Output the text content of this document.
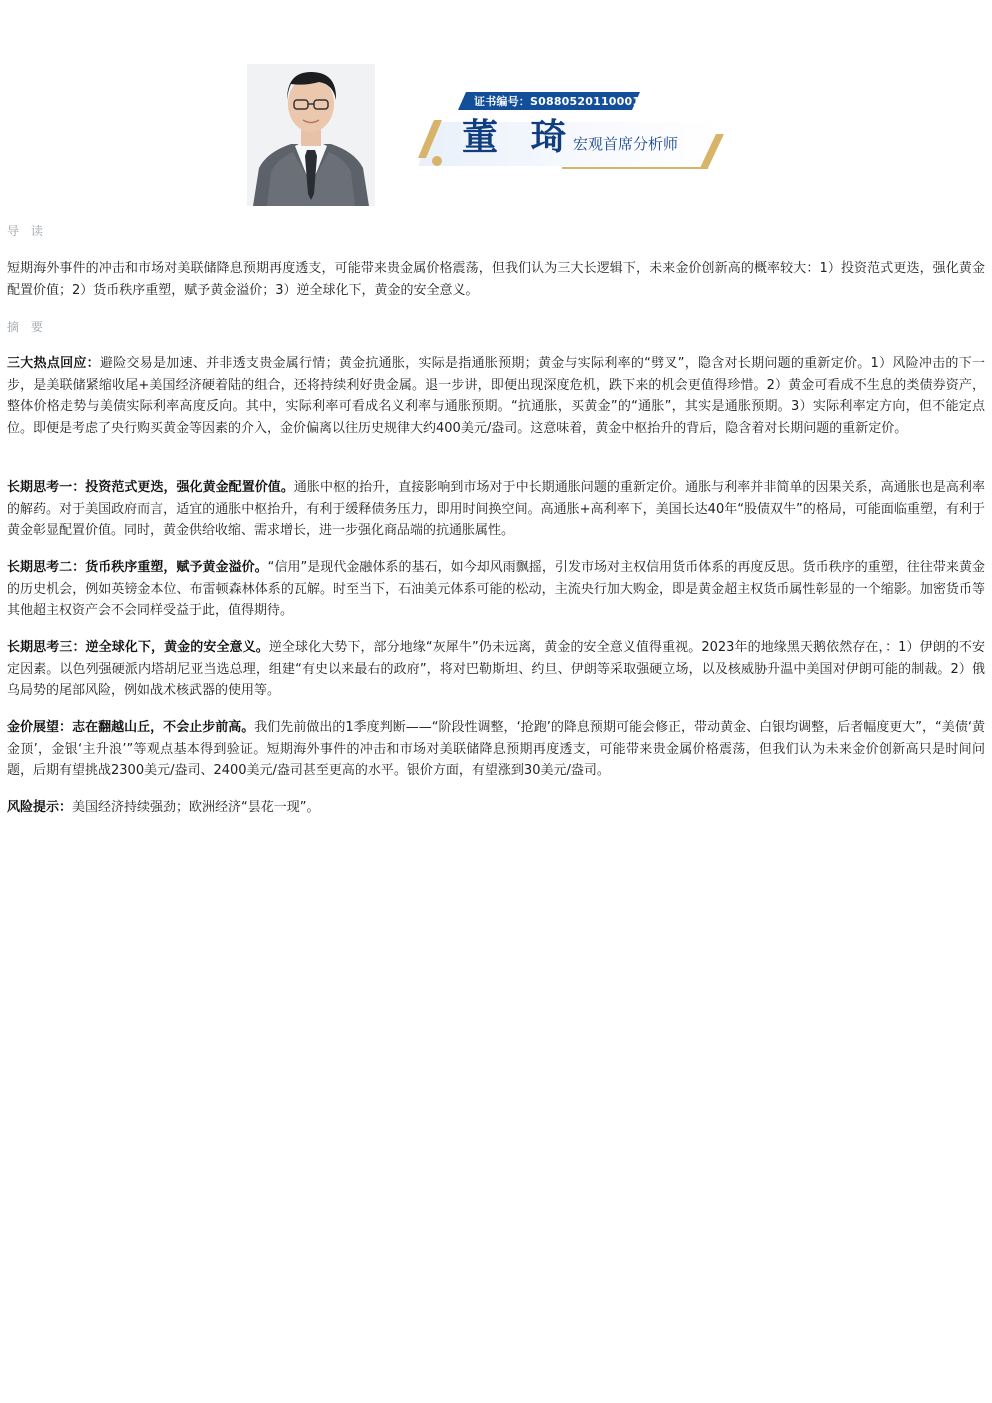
证书编号：S0880520110001
董 琦
宏观首席分析师
导 读

短期海外事件的冲击和市场对美联储降息预期再度透支，可能带来贵金属价格震荡，但我们认为三大长逻辑下，未来金价创新高的概率较大：1）投资范式更迭，强化黄金配置价值；2）货币秩序重塑，赋予黄金溢价；3）逆全球化下，黄金的安全意义。

摘 要

三大热点回应：避险交易是加速、并非透支贵金属行情；黄金抗通胀，实际是指通胀预期；黄金与实际利率的“劈叉”，隐含对长期问题的重新定价。1）风险冲击的下一步，是美联储紧缩收尾+美国经济硬着陆的组合，还将持续利好贵金属。退一步讲，即便出现深度危机，跌下来的机会更值得珍惜。2）黄金可看成不生息的类债券资产，整体价格走势与美债实际利率高度反向。其中，实际利率可看成名义利率与通胀预期。“抗通胀，买黄金”的“通胀”，其实是通胀预期。3）实际利率定方向，但不能定点位。即便是考虑了央行购买黄金等因素的介入，金价偏离以往历史规律大约400美元/盎司。这意味着，黄金中枢抬升的背后，隐含着对长期问题的重新定价。

长期思考一：投资范式更迭，强化黄金配置价值。通胀中枢的抬升，直接影响到市场对于中长期通胀问题的重新定价。通胀与利率并非简单的因果关系，高通胀也是高利率的解药。对于美国政府而言，适宜的通胀中枢抬升，有利于缓释债务压力，即用时间换空间。高通胀+高利率下，美国长达40年“股债双牛”的格局，可能面临重塑，有利于黄金彰显配置价值。同时，黄金供给收缩、需求增长，进一步强化商品端的抗通胀属性。

长期思考二：货币秩序重塑，赋予黄金溢价。“信用”是现代金融体系的基石，如今却风雨飘摇，引发市场对主权信用货币体系的再度反思。货币秩序的重塑，往往带来黄金的历史机会，例如英镑金本位、布雷顿森林体系的瓦解。时至当下，石油美元体系可能的松动，主流央行加大购金，即是黄金超主权货币属性彰显的一个缩影。加密货币等其他超主权资产会不会同样受益于此，值得期待。

长期思考三：逆全球化下，黄金的安全意义。逆全球化大势下，部分地缘“灰犀牛”仍未远离，黄金的安全意义值得重视。2023年的地缘黑天鹅依然存在，：1）伊朗的不安定因素。以色列强硬派内塔胡尼亚当选总理，组建“有史以来最右的政府”，将对巴勒斯坦、约旦、伊朗等采取强硬立场，以及核威胁升温中美国对伊朗可能的制裁。2）俄乌局势的尾部风险，例如战术核武器的使用等。

金价展望：志在翻越山丘，不会止步前高。我们先前做出的1季度判断——“阶段性调整，‘抢跑’的降息预期可能会修正，带动黄金、白银均调整，后者幅度更大”，“美债‘黄金顶’，金银‘主升浪’”等观点基本得到验证。短期海外事件的冲击和市场对美联储降息预期再度透支，可能带来贵金属价格震荡，但我们认为未来金价创新高只是时间问题，后期有望挑战2300美元/盎司、2400美元/盎司甚至更高的水平。银价方面，有望涨到30美元/盎司。

风险提示：美国经济持续强劲；欧洲经济“昙花一现”。
